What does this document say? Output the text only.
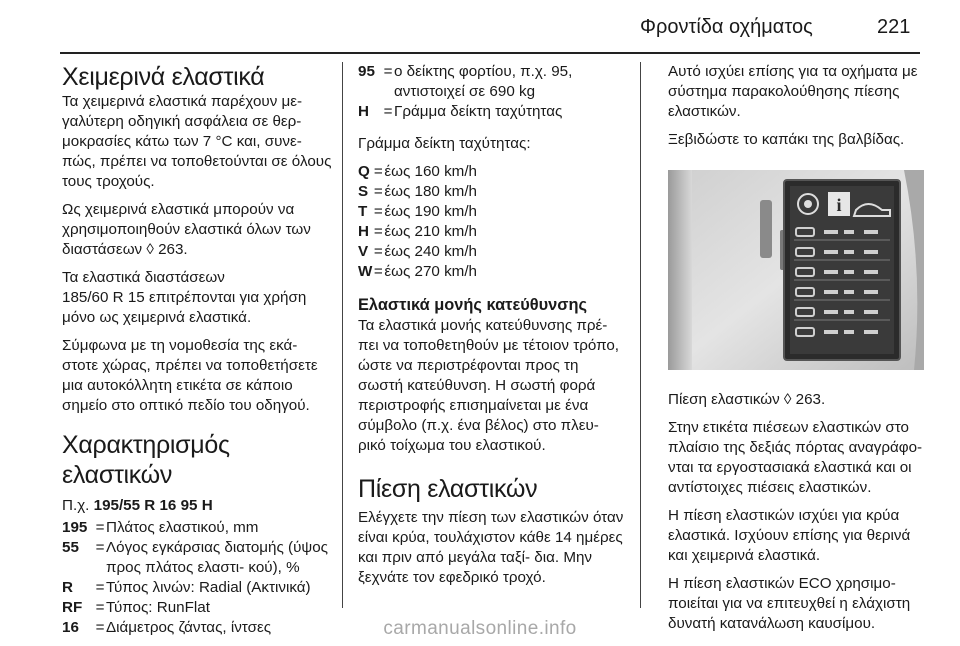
Φροντίδα οχήματος	221
Χειμερινά ελαστικά

Τα χειμερινά ελαστικά παρέχουν με- γαλύτερη οδηγική ασφάλεια σε θερ- μοκρασίες κάτω των 7 °C και, συνε- πώς, πρέπει να τοποθετούνται σε όλους τους τροχούς.

Ως χειμερινά ελαστικά μπορούν να χρησιμοποιηθούν ελαστικά όλων των διαστάσεων ◊ 263.

Τα ελαστικά διαστάσεων
185/60 R 15 επιτρέπονται για χρήση μόνο ως χειμερινά ελαστικά.

Σύμφωνα με τη νομοθεσία της εκά- στοτε χώρας, πρέπει να τοποθετήσετε μια αυτοκόλλητη ετικέτα σε κάποιο σημείο στο οπτικό πεδίο του οδηγού.

Χαρακτηρισμός ελαστικών

Π.χ. 195/55 R 16 95 H

195	=	Πλάτος ελαστικού, mm
55	=	Λόγος εγκάρσιας διατομής (ύψος προς πλάτος ελαστι- κού), %
R	=	Τύπος λινών: Radial (Ακτινικά)
RF	=	Τύπος: RunFlat
16	=	Διάμετρος ζάντας, ίντσες
95	=	ο δείκτης φορτίου, π.χ. 95, αντιστοιχεί σε 690 kg
H	=	Γράμμα δείκτη ταχύτητας

Γράμμα δείκτη ταχύτητας:

Q	=	έως 160 km/h
S	=	έως 180 km/h
T	=	έως 190 km/h
H	=	έως 210 km/h
V	=	έως 240 km/h
W	=	έως 270 km/h
Ελαστικά μονής κατεύθυνσης

Τα ελαστικά μονής κατεύθυνσης πρέ- πει να τοποθετηθούν με τέτοιον τρόπο, ώστε να περιστρέφονται προς τη σωστή κατεύθυνση. Η σωστή φορά περιστροφής επισημαίνεται με ένα σύμβολο (π.χ. ένα βέλος) στο πλευ- ρικό τοίχωμα του ελαστικού.

Πίεση ελαστικών

Ελέγχετε την πίεση των ελαστικών όταν είναι κρύα, τουλάχιστον κάθε 14 ημέρες και πριν από μεγάλα ταξί- δια. Μην ξεχνάτε τον εφεδρικό τροχό.

Αυτό ισχύει επίσης για τα οχήματα με σύστημα παρακολούθησης πίεσης ελαστικών.

Ξεβιδώστε το καπάκι της βαλβίδας.

i

Πίεση ελαστικών ◊ 263.

Στην ετικέτα πιέσεων ελαστικών στο πλαίσιο της δεξιάς πόρτας αναγράφο- νται τα εργοστασιακά ελαστικά και οι αντίστοιχες πιέσεις ελαστικών.

Η πίεση ελαστικών ισχύει για κρύα ελαστικά. Ισχύουν επίσης για θερινά και χειμερινά ελαστικά.

Η πίεση ελαστικών ECO χρησιμο- ποιείται για να επιτευχθεί η ελάχιστη δυνατή κατανάλωση καυσίμου.

carmanualsonline.info
